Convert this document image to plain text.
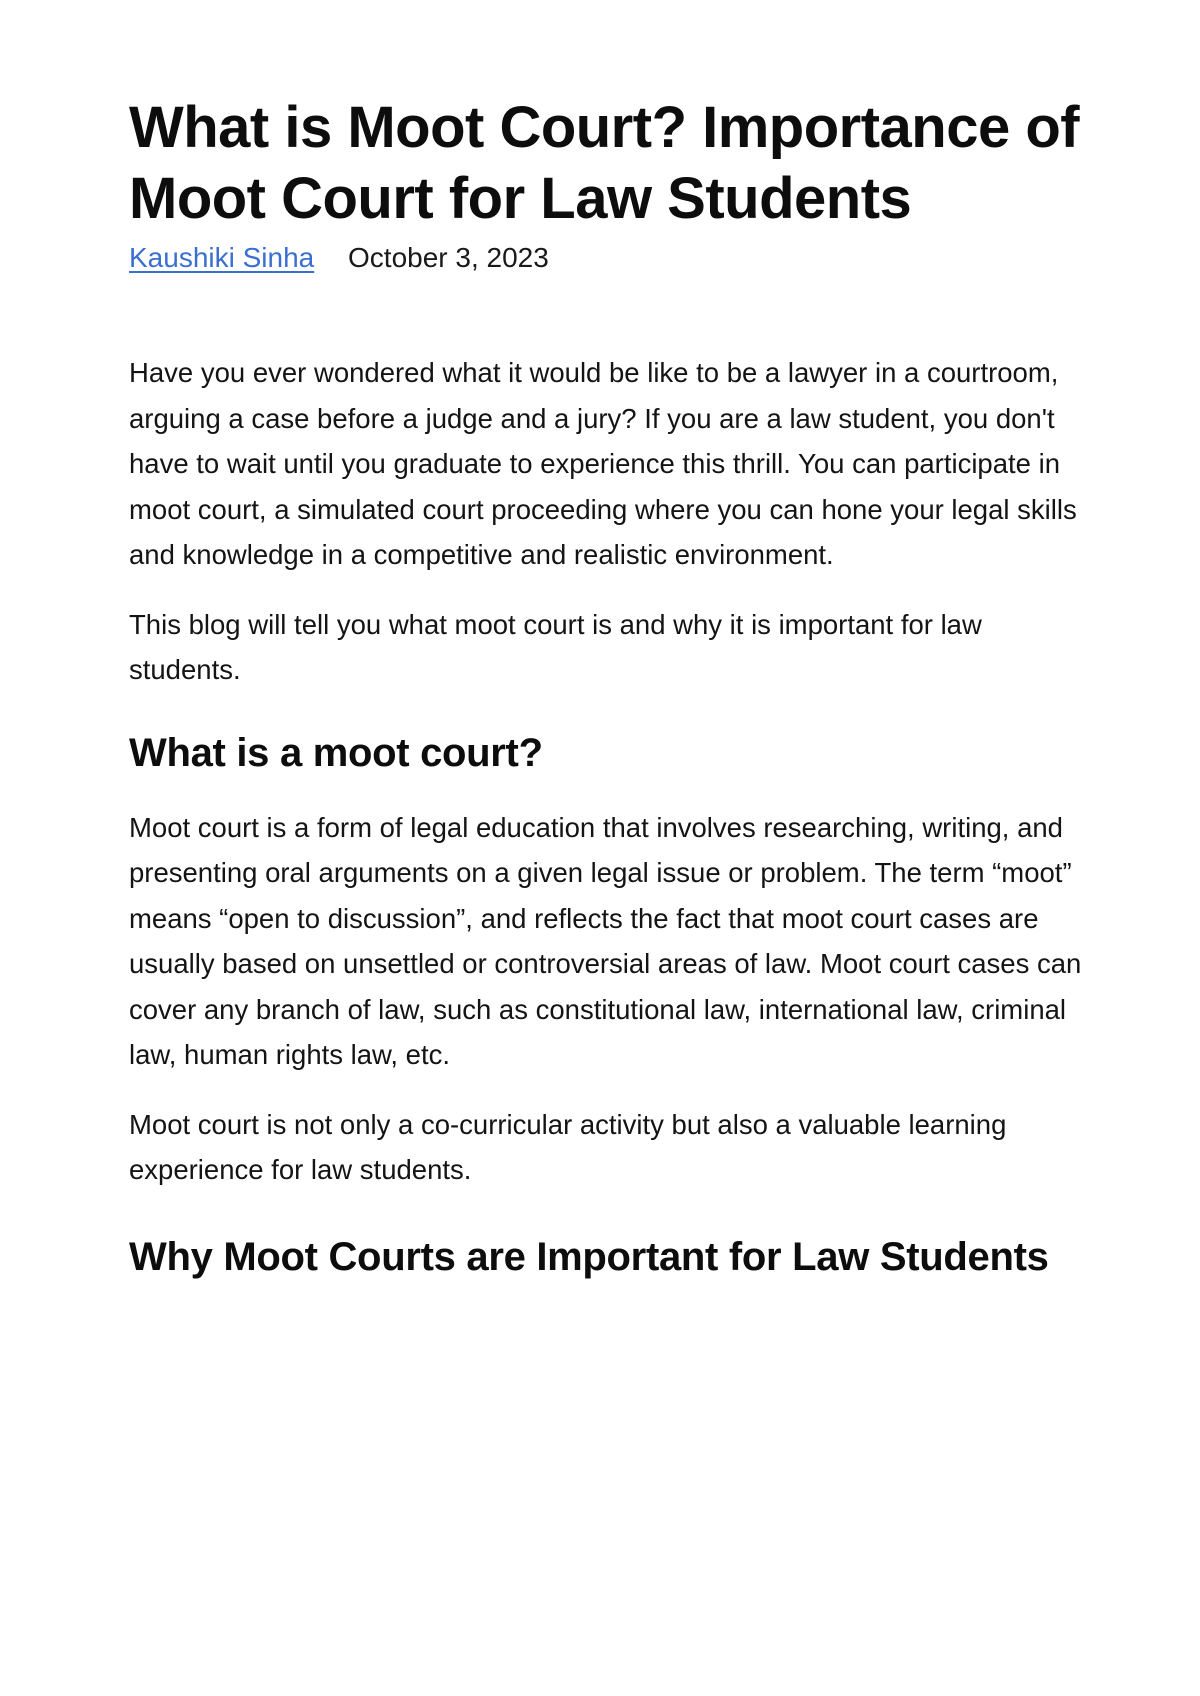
What is Moot Court? Importance of Moot Court for Law Students
Kaushiki Sinha October 3, 2023

Have you ever wondered what it would be like to be a lawyer in a courtroom, arguing a case before a judge and a jury? If you are a law student, you don't have to wait until you graduate to experience this thrill. You can participate in moot court, a simulated court proceeding where you can hone your legal skills and knowledge in a competitive and realistic environment.

This blog will tell you what moot court is and why it is important for law students.

What is a moot court?

Moot court is a form of legal education that involves researching, writing, and presenting oral arguments on a given legal issue or problem. The term “moot” means “open to discussion”, and reflects the fact that moot court cases are usually based on unsettled or controversial areas of law. Moot court cases can cover any branch of law, such as constitutional law, international law, criminal law, human rights law, etc.

Moot court is not only a co-curricular activity but also a valuable learning experience for law students.

Why Moot Courts are Important for Law Students
